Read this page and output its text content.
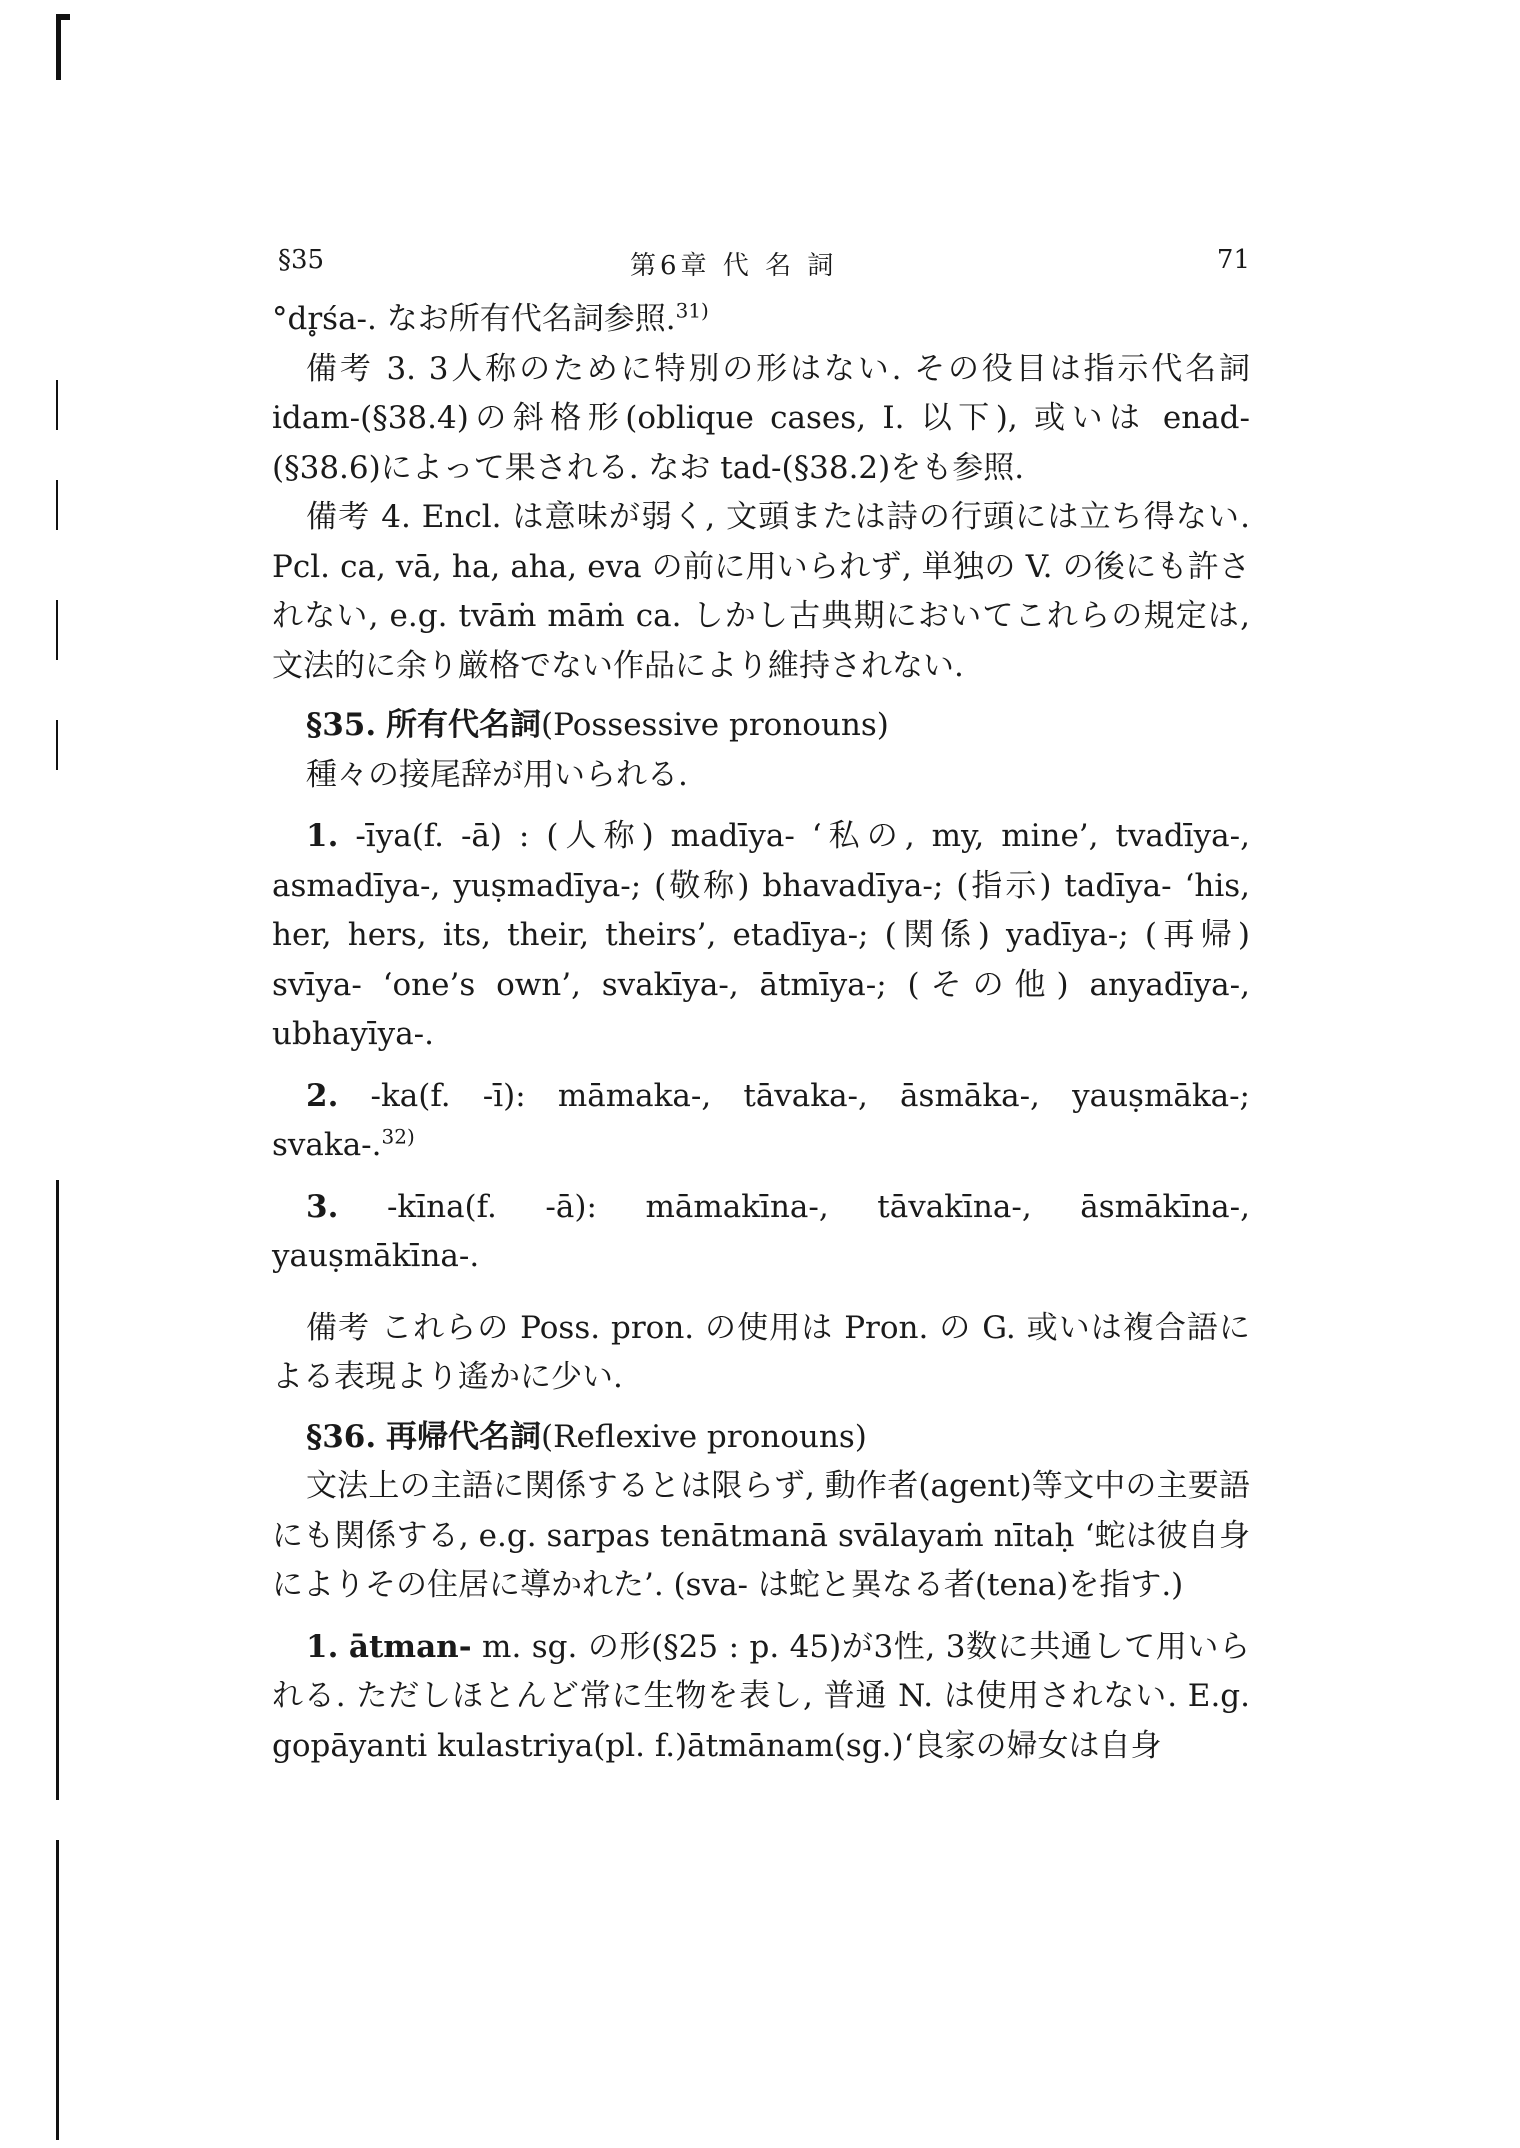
§35	第6章 代 名 詞	71

°dr̥śa-. なお所有代名詞参照.$^{31)}$

備考 3. 3人称のために特別の形はない. その役目は指示代名詞 idam-(§38.4)の斜格形(oblique cases, I. 以下), 或いは enad-(§38.6)によって果される. なお tad-(§38.2)をも参照.

備考 4. Encl. は意味が弱く, 文頭または詩の行頭には立ち得ない. Pcl. ca, vā, ha, aha, eva の前に用いられず, 単独の V. の後にも許されない, e.g. tvāṁ māṁ ca. しかし古典期においてこれらの規定は, 文法的に余り厳格でない作品により維持されない.

§35. 所有代名詞(Possessive pronouns)

種々の接尾辞が用いられる.

1. -īya(f. -ā) : (人称) madīya- ‘私の, my, mine’, tvadīya-, asmadīya-, yuṣmadīya-; (敬称) bhavadīya-; (指示) tadīya- ‘his, her, hers, its, their, theirs’, etadīya-; (関係) yadīya-; (再帰) svīya- ‘one’s own’, svakīya-, ātmīya-; (その他) anyadīya-, ubhayīya-.

2. -ka(f. -ī): māmaka-, tāvaka-, āsmāka-, yauṣmāka-; svaka-.$^{32)}$

3. -kīna(f. -ā): māmakīna-, tāvakīna-, āsmākīna-, yauṣmākīna-.

備考 これらの Poss. pron. の使用は Pron. の G. 或いは複合語による表現より遙かに少い.

§36. 再帰代名詞(Reflexive pronouns)

文法上の主語に関係するとは限らず, 動作者(agent)等文中の主要語にも関係する, e.g. sarpas tenātmanā svālayaṁ nītaḥ ‘蛇は彼自身によりその住居に導かれた’. (sva- は蛇と異なる者(tena)を指す.)

1. ātman- m. sg. の形(§25 : p. 45)が3性, 3数に共通して用いられる. ただしほとんど常に生物を表し, 普通 N. は使用されない. E.g. gopāyanti kulastriya(pl. f.)ātmānam(sg.)‘良家の婦女は自身
